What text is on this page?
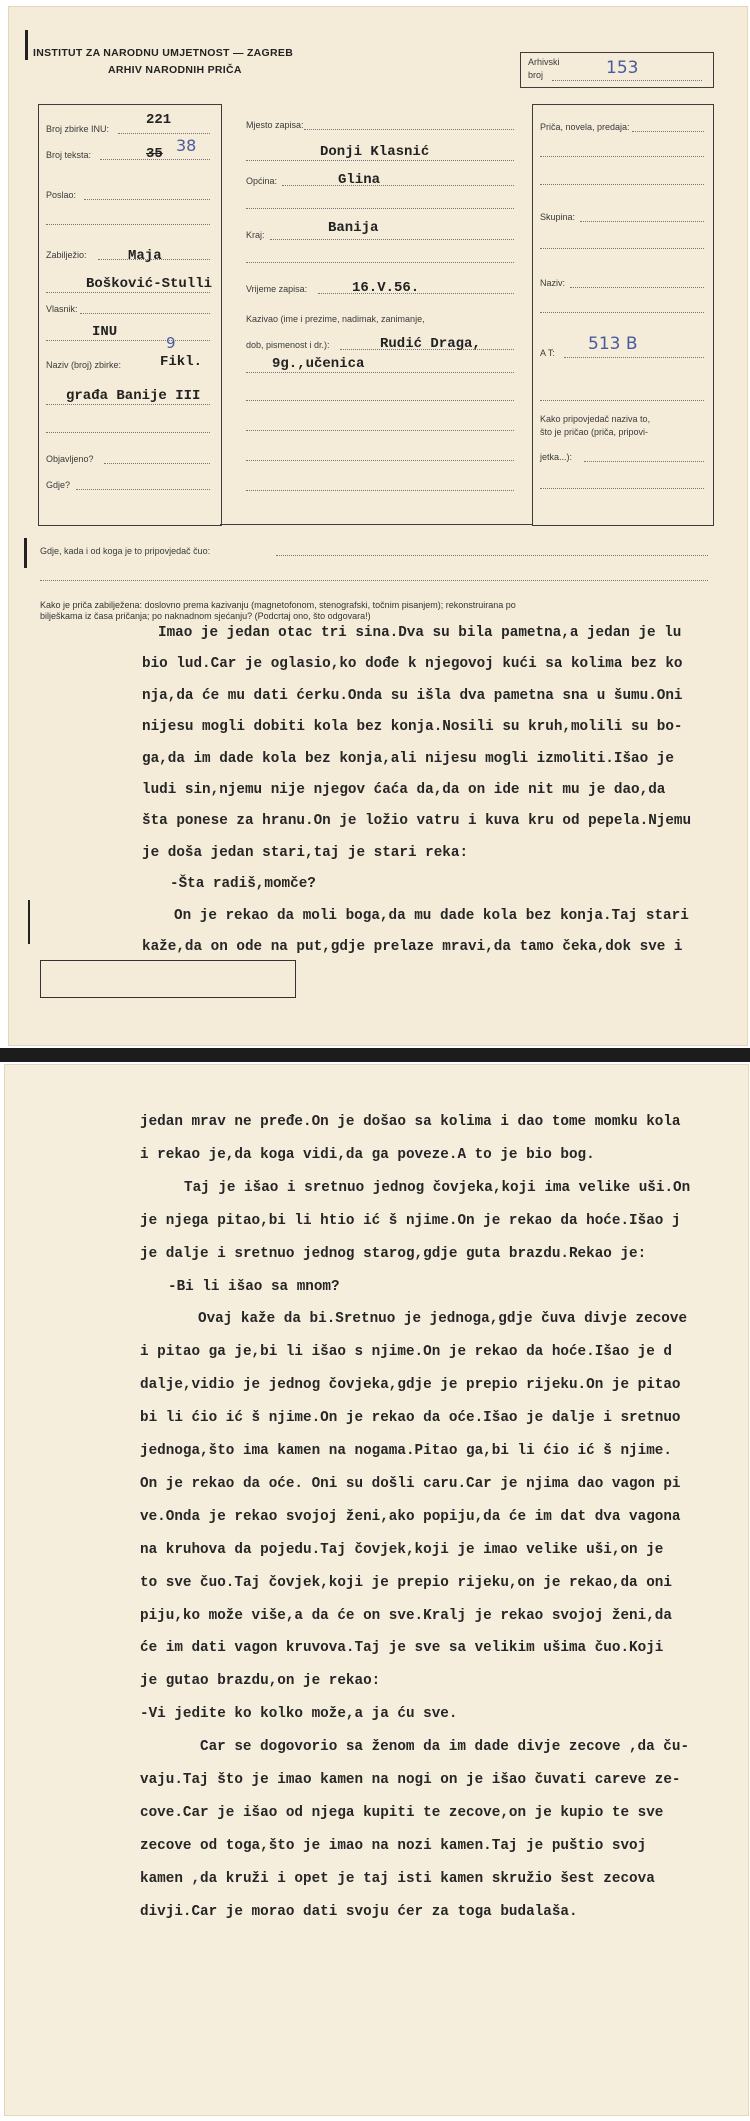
INSTITUT ZA NARODNU UMJETNOST — ZAGREB
ARHIV NARODNIH PRIČA
Arhivski
broj	153
Broj zbirke INU:
221
Broj teksta:	35 38
Poslao:
Zabilježio:	Maja
Bošković-Stulli
Vlasnik:
INU
Naziv (broj) zbirke:
9
Fikl.
građa Banije III
Objavljeno?
Gdje?
Mjesto zapisa:
Donji Klasnić
Općina:	Glina
Kraj:	Banija
Vrijeme zapisa:	16.V.56.
Kazivao (ime i prezime, nadimak, zanimanje,
dob, pismenost i dr.):	Rudić Draga,
9g.,učenica
Priča, novela, predaja:
Skupina:
Naziv:
A T: 513 B
Kako pripovjedač naziva to,
što je pričao (priča, pripovi-
jetka...):
Gdje, kada i od koga je to pripovjedač čuo:
Kako je priča zabilježena: doslovno prema kazivanju (magnetofonom, stenografski, točnim pisanjem); rekonstruirana po
bilješkama iz časa pričanja; po naknadnom sjećanju? (Podcrtaj ono, što odgovara!)
Imao je jedan otac tri sina.Dva su bila pametna,a jedan je lu
bio lud.Car je oglasio,ko dođe k njegovoj kući sa kolima bez ko
nja,da će mu dati ćerku.Onda su išla dva pametna sna u šumu.Oni
nijesu mogli dobiti kola bez konja.Nosili su kruh,molili su bo-
ga,da im dade kola bez konja,ali nijesu mogli izmoliti.Išao je
ludi sin,njemu nije njegov ćaća da,da on ide nit mu je dao,da
šta ponese za hranu.On je ložio vatru i kuva kru od pepela.Njemu
je doša jedan stari,taj je stari reka:
-Šta radiš,momče?
On je rekao da moli boga,da mu dade kola bez konja.Taj stari
kaže,da on ode na put,gdje prelaze mravi,da tamo čeka,dok sve i
jedan mrav ne pređe.On je došao sa kolima i dao tome momku kola
i rekao je,da koga vidi,da ga poveze.A to je bio bog.
Taj je išao i sretnuo jednog čovjeka,koji ima velike uši.On
je njega pitao,bi li htio ić š njime.On je rekao da hoće.Išao j
je dalje i sretnuo jednog starog,gdje guta brazdu.Rekao je:
-Bi li išao sa mnom?
Ovaj kaže da bi.Sretnuo je jednoga,gdje čuva divje zecove
i pitao ga je,bi li išao s njime.On je rekao da hoće.Išao je d
dalje,vidio je jednog čovjeka,gdje je prepio rijeku.On je pitao
bi li ćio ić š njime.On je rekao da oće.Išao je dalje i sretnuo
jednoga,što ima kamen na nogama.Pitao ga,bi li ćio ić š njime.
On je rekao da oće. Oni su došli caru.Car je njima dao vagon pi
ve.Onda je rekao svojoj ženi,ako popiju,da će im dat dva vagona
na kruhova da pojedu.Taj čovjek,koji je imao velike uši,on je
to sve čuo.Taj čovjek,koji je prepio rijeku,on je rekao,da oni
piju,ko može više,a da će on sve.Kralj je rekao svojoj ženi,da
će im dati vagon kruvova.Taj je sve sa velikim ušima čuo.Koji
je gutao brazdu,on je rekao:
-Vi jedite ko kolko može,a ja ću sve.
Car se dogovorio sa ženom da im dade divje zecove ,da ču-
vaju.Taj što je imao kamen na nogi on je išao čuvati careve ze-
cove.Car je išao od njega kupiti te zecove,on je kupio te sve
zecove od toga,što je imao na nozi kamen.Taj je puštio svoj
kamen ,da kruži i opet je taj isti kamen skružio šest zecova
divji.Car je morao dati svoju ćer za toga budalaša.
